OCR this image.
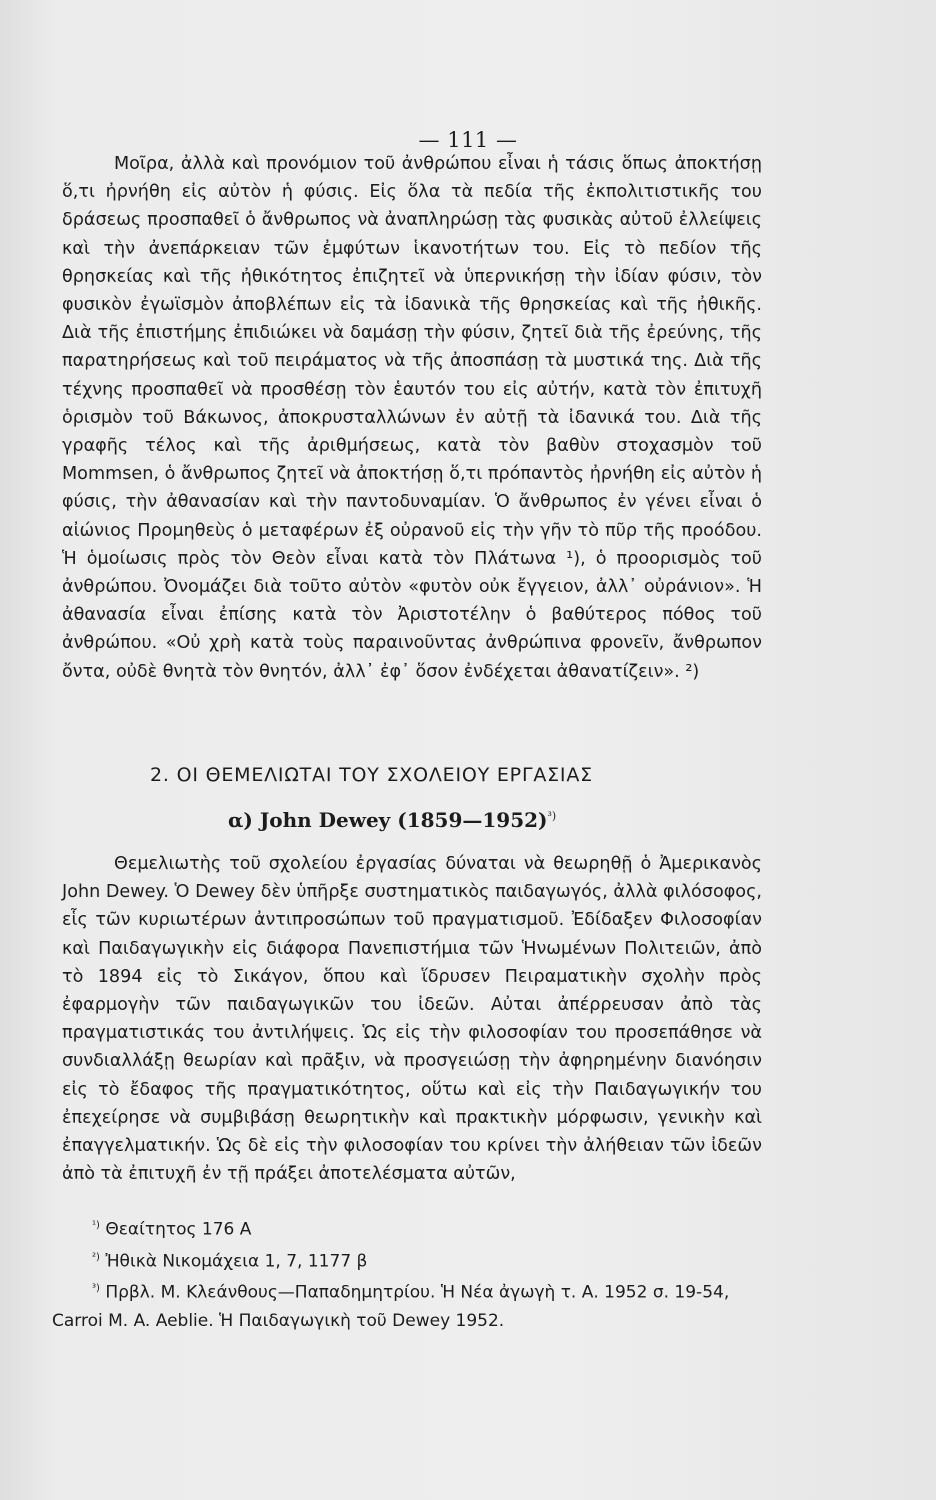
— 111 —

Μοῖρα, ἀλλὰ καὶ προνόμιον τοῦ ἀνθρώπου εἶναι ἡ τάσις ὅπως ἀποκτήσῃ ὅ,τι ἠρνήθη εἰς αὐτὸν ἡ φύσις. Εἰς ὅλα τὰ πεδία τῆς ἐκπολιτιστικῆς του δράσεως προσπαθεῖ ὁ ἄνθρωπος νὰ ἀναπληρώσῃ τὰς φυσικὰς αὐτοῦ ἐλλείψεις καὶ τὴν ἀνεπάρκειαν τῶν ἐμφύτων ἱκανοτήτων του. Εἰς τὸ πεδίον τῆς θρησκείας καὶ τῆς ἠθικότητος ἐπιζητεῖ νὰ ὑπερνικήσῃ τὴν ἰδίαν φύσιν, τὸν φυσικὸν ἐγωϊσμὸν ἀποβλέπων εἰς τὰ ἰδανικὰ τῆς θρησκείας καὶ τῆς ἠθικῆς. Διὰ τῆς ἐπιστήμης ἐπιδιώκει νὰ δαμάσῃ τὴν φύσιν, ζητεῖ διὰ τῆς ἐρεύνης, τῆς παρατηρήσεως καὶ τοῦ πειράματος νὰ τῆς ἀποσπάσῃ τὰ μυστικά της. Διὰ τῆς τέχνης προσπαθεῖ νὰ προσθέσῃ τὸν ἑαυτόν του εἰς αὐτήν, κατὰ τὸν ἐπιτυχῆ ὁρισμὸν τοῦ Βάκωνος, ἀποκρυσταλλώνων ἐν αὐτῇ τὰ ἰδανικά του. Διὰ τῆς γραφῆς τέλος καὶ τῆς ἀριθμήσεως, κατὰ τὸν βαθὺν στοχασμὸν τοῦ Mommsen, ὁ ἄνθρωπος ζητεῖ νὰ ἀποκτήσῃ ὅ,τι πρόπαντὸς ἠρνήθη εἰς αὐτὸν ἡ φύσις, τὴν ἀθανασίαν καὶ τὴν παντοδυναμίαν. Ὁ ἄνθρωπος ἐν γένει εἶναι ὁ αἰώνιος Προμηθεὺς ὁ μεταφέρων ἐξ οὐρανοῦ εἰς τὴν γῆν τὸ πῦρ τῆς προόδου. Ἡ ὁμοίωσις πρὸς τὸν Θεὸν εἶναι κατὰ τὸν Πλάτωνα ¹), ὁ προορισμὸς τοῦ ἀνθρώπου. Ὀνομάζει διὰ τοῦτο αὐτὸν «φυτὸν οὐκ ἔγγειον, ἀλλ᾽ οὐράνιον». Ἡ ἀθανασία εἶναι ἐπίσης κατὰ τὸν Ἀριστοτέλην ὁ βαθύτερος πόθος τοῦ ἀνθρώπου. «Οὐ χρὴ κατὰ τοὺς παραινοῦντας ἀνθρώπινα φρονεῖν, ἄνθρωπον ὄντα, οὐδὲ θνητὰ τὸν θνητόν, ἀλλ᾽ ἐφ᾽ ὅσον ἐνδέχεται ἀθανατίζειν». ²)

2. ΟΙ ΘΕΜΕΛΙΩΤΑΙ ΤΟΥ ΣΧΟΛΕΙΟΥ ΕΡΓΑΣΙΑΣ
α) John Dewey (1859—1952)$^{^3)}$

Θεμελιωτὴς τοῦ σχολείου ἐργασίας δύναται νὰ θεωρηθῇ ὁ Ἀμερικανὸς John Dewey. Ὁ Dewey δὲν ὑπῆρξε συστηματικὸς παιδαγωγός, ἀλλὰ φιλόσοφος, εἷς τῶν κυριωτέρων ἀντιπροσώπων τοῦ πραγματισμοῦ. Ἐδίδαξεν Φιλοσοφίαν καὶ Παιδαγωγικὴν εἰς διάφορα Πανεπιστήμια τῶν Ἡνωμένων Πολιτειῶν, ἀπὸ τὸ 1894 εἰς τὸ Σικάγον, ὅπου καὶ ἵδρυσεν Πειραματικὴν σχολὴν πρὸς ἐφαρμογὴν τῶν παιδαγωγικῶν του ἰδεῶν. Αὐται ἀπέρρευσαν ἀπὸ τὰς πραγματιστικάς του ἀντιλήψεις. Ὡς εἰς τὴν φιλοσοφίαν του προσεπάθησε νὰ συνδιαλλάξῃ θεωρίαν καὶ πρᾶξιν, νὰ προσγειώσῃ τὴν ἀφηρημένην διανόησιν εἰς τὸ ἔδαφος τῆς πραγματικότητος, οὕτω καὶ εἰς τὴν Παιδαγωγικήν του ἐπεχείρησε νὰ συμβιβάσῃ θεωρητικὴν καὶ πρακτικὴν μόρφωσιν, γενικὴν καὶ ἐπαγγελματικήν. Ὡς δὲ εἰς τὴν φιλοσοφίαν του κρίνει τὴν ἀλήθειαν τῶν ἰδεῶν ἀπὸ τὰ ἐπιτυχῆ ἐν τῇ πράξει ἀποτελέσματα αὐτῶν,

$^{^1)}$ Θεαίτητος 176 Α
$^{^2)}$ Ἠθικὰ Νικομάχεια 1, 7, 1177 β
$^{^3)}$ Πρβλ. Μ. Κλεάνθους—Παπαδημητρίου. Ἡ Νέα ἀγωγὴ τ. Α. 1952 σ. 19-54,
Carroi M. A. Aeblie. Ἡ Παιδαγωγικὴ τοῦ Dewey 1952.
